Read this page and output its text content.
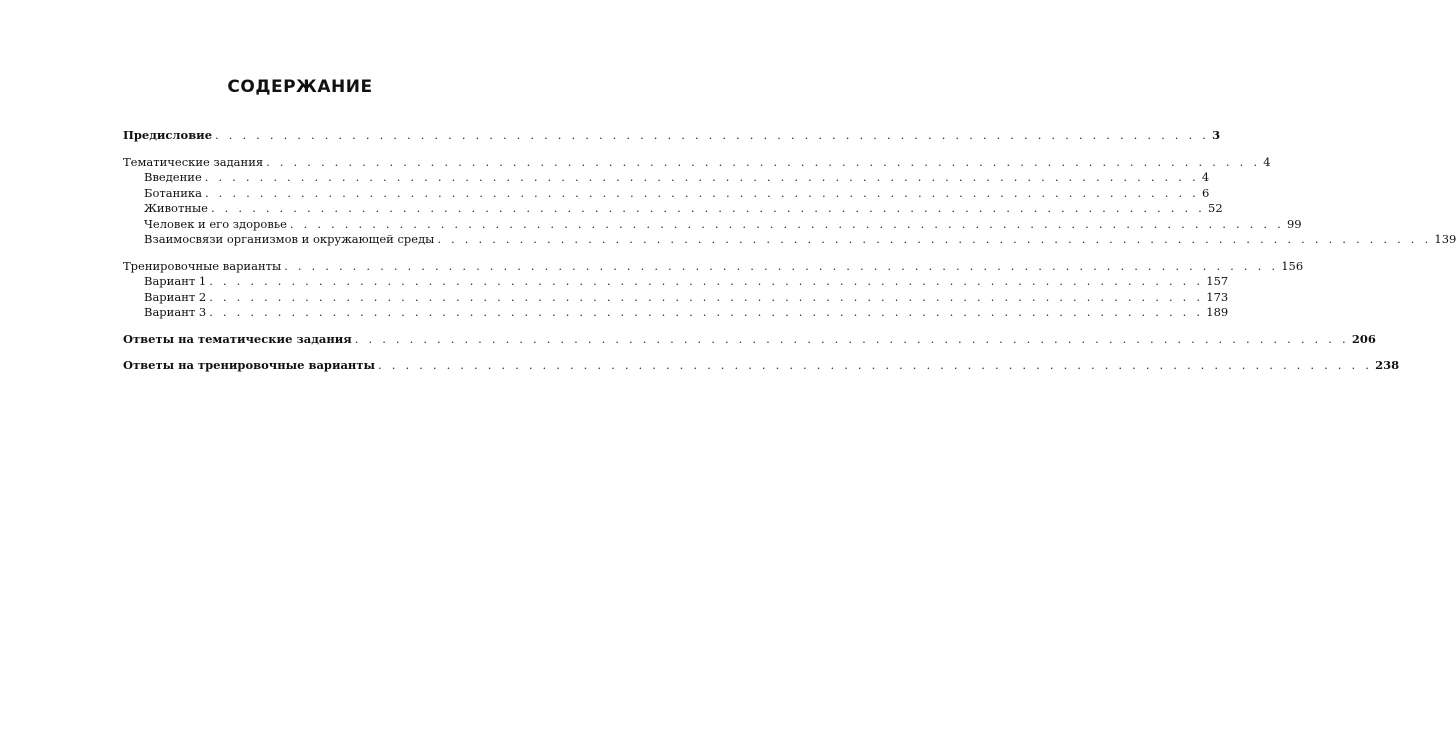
СОДЕРЖАНИЕ
Предисловие . . . . . . . . . . . . . . . . . . . . . . . . . . . . . . . . . . . . . . . . . . . . . . . . . . . . . . . . . . . . . . . . . . . . . . . . . 3
Тематические задания . . . . . . . . . . . . . . . . . . . . . . . . . . . . . . . . . . . . . . . . . . . . . . . . . . . . . . . . . . . . . . . . . . . . . . . . . 4
Введение . . . . . . . . . . . . . . . . . . . . . . . . . . . . . . . . . . . . . . . . . . . . . . . . . . . . . . . . . . . . . . . . . . . . . . . . . 4
Ботаника . . . . . . . . . . . . . . . . . . . . . . . . . . . . . . . . . . . . . . . . . . . . . . . . . . . . . . . . . . . . . . . . . . . . . . . . . 6
Животные . . . . . . . . . . . . . . . . . . . . . . . . . . . . . . . . . . . . . . . . . . . . . . . . . . . . . . . . . . . . . . . . . . . . . . . . . 52
Человек и его здоровье . . . . . . . . . . . . . . . . . . . . . . . . . . . . . . . . . . . . . . . . . . . . . . . . . . . . . . . . . . . . . . . . . . . . . . . . . 99
Взаимосвязи организмов и окружающей среды . . . . . . . . . . . . . . . . . . . . . . . . . . . . . . . . . . . . . . . . . . . . . . . . . . . . . . . . . . . . . . . . . . . . . . . . . 139
Тренировочные варианты . . . . . . . . . . . . . . . . . . . . . . . . . . . . . . . . . . . . . . . . . . . . . . . . . . . . . . . . . . . . . . . . . . . . . . . . . 156
Вариант 1 . . . . . . . . . . . . . . . . . . . . . . . . . . . . . . . . . . . . . . . . . . . . . . . . . . . . . . . . . . . . . . . . . . . . . . . . . 157
Вариант 2 . . . . . . . . . . . . . . . . . . . . . . . . . . . . . . . . . . . . . . . . . . . . . . . . . . . . . . . . . . . . . . . . . . . . . . . . . 173
Вариант 3 . . . . . . . . . . . . . . . . . . . . . . . . . . . . . . . . . . . . . . . . . . . . . . . . . . . . . . . . . . . . . . . . . . . . . . . . . 189
Ответы на тематические задания . . . . . . . . . . . . . . . . . . . . . . . . . . . . . . . . . . . . . . . . . . . . . . . . . . . . . . . . . . . . . . . . . . . . . . . . . 206
Ответы на тренировочные варианты . . . . . . . . . . . . . . . . . . . . . . . . . . . . . . . . . . . . . . . . . . . . . . . . . . . . . . . . . . . . . . . . . . . . . . . . . 238
